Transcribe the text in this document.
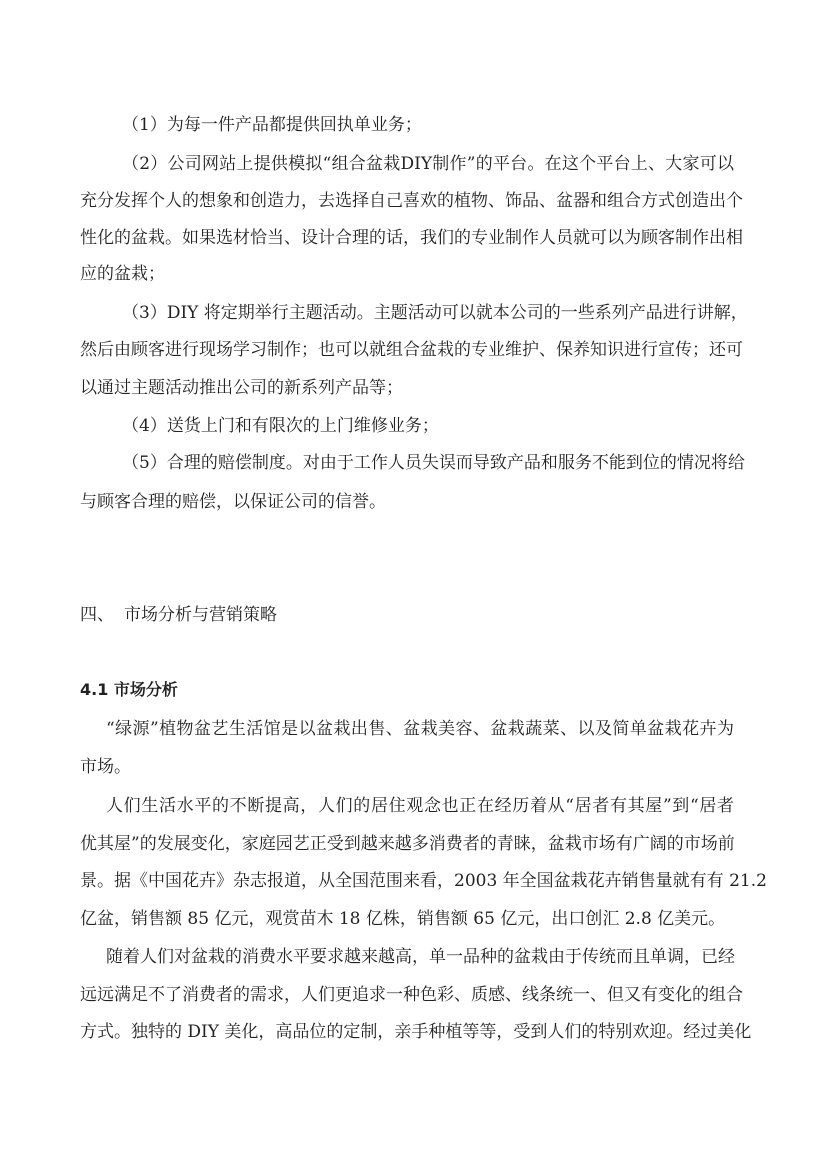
（1）为每一件产品都提供回执单业务；
（2）公司网站上提供模拟“组合盆栽DIY制作”的平台。在这个平台上、大家可以
充分发挥个人的想象和创造力，去选择自己喜欢的植物、饰品、盆器和组合方式创造出个
性化的盆栽。如果选材恰当、设计合理的话，我们的专业制作人员就可以为顾客制作出相
应的盆栽；
（3）DIY 将定期举行主题活动。主题活动可以就本公司的一些系列产品进行讲解，
然后由顾客进行现场学习制作；也可以就组合盆栽的专业维护、保养知识进行宣传；还可
以通过主题活动推出公司的新系列产品等；
（4）送货上门和有限次的上门维修业务；
（5）合理的赔偿制度。对由于工作人员失误而导致产品和服务不能到位的情况将给
与顾客合理的赔偿，以保证公司的信誉。
四、 市场分析与营销策略
4.1 市场分析
“绿源”植物盆艺生活馆是以盆栽出售、盆栽美容、盆栽蔬菜、以及简单盆栽花卉为
市场。
人们生活水平的不断提高，人们的居住观念也正在经历着从“居者有其屋”到“居者
优其屋”的发展变化，家庭园艺正受到越来越多消费者的青睐，盆栽市场有广阔的市场前
景。据《中国花卉》杂志报道，从全国范围来看，2003 年全国盆栽花卉销售量就有有 21.2
亿盆，销售额 85 亿元，观赏苗木 18 亿株，销售额 65 亿元，出口创汇 2.8 亿美元。
随着人们对盆栽的消费水平要求越来越高，单一品种的盆栽由于传统而且单调，已经
远远满足不了消费者的需求，人们更追求一种色彩、质感、线条统一、但又有变化的组合
方式。独特的 DIY 美化，高品位的定制，亲手种植等等，受到人们的特别欢迎。经过美化
